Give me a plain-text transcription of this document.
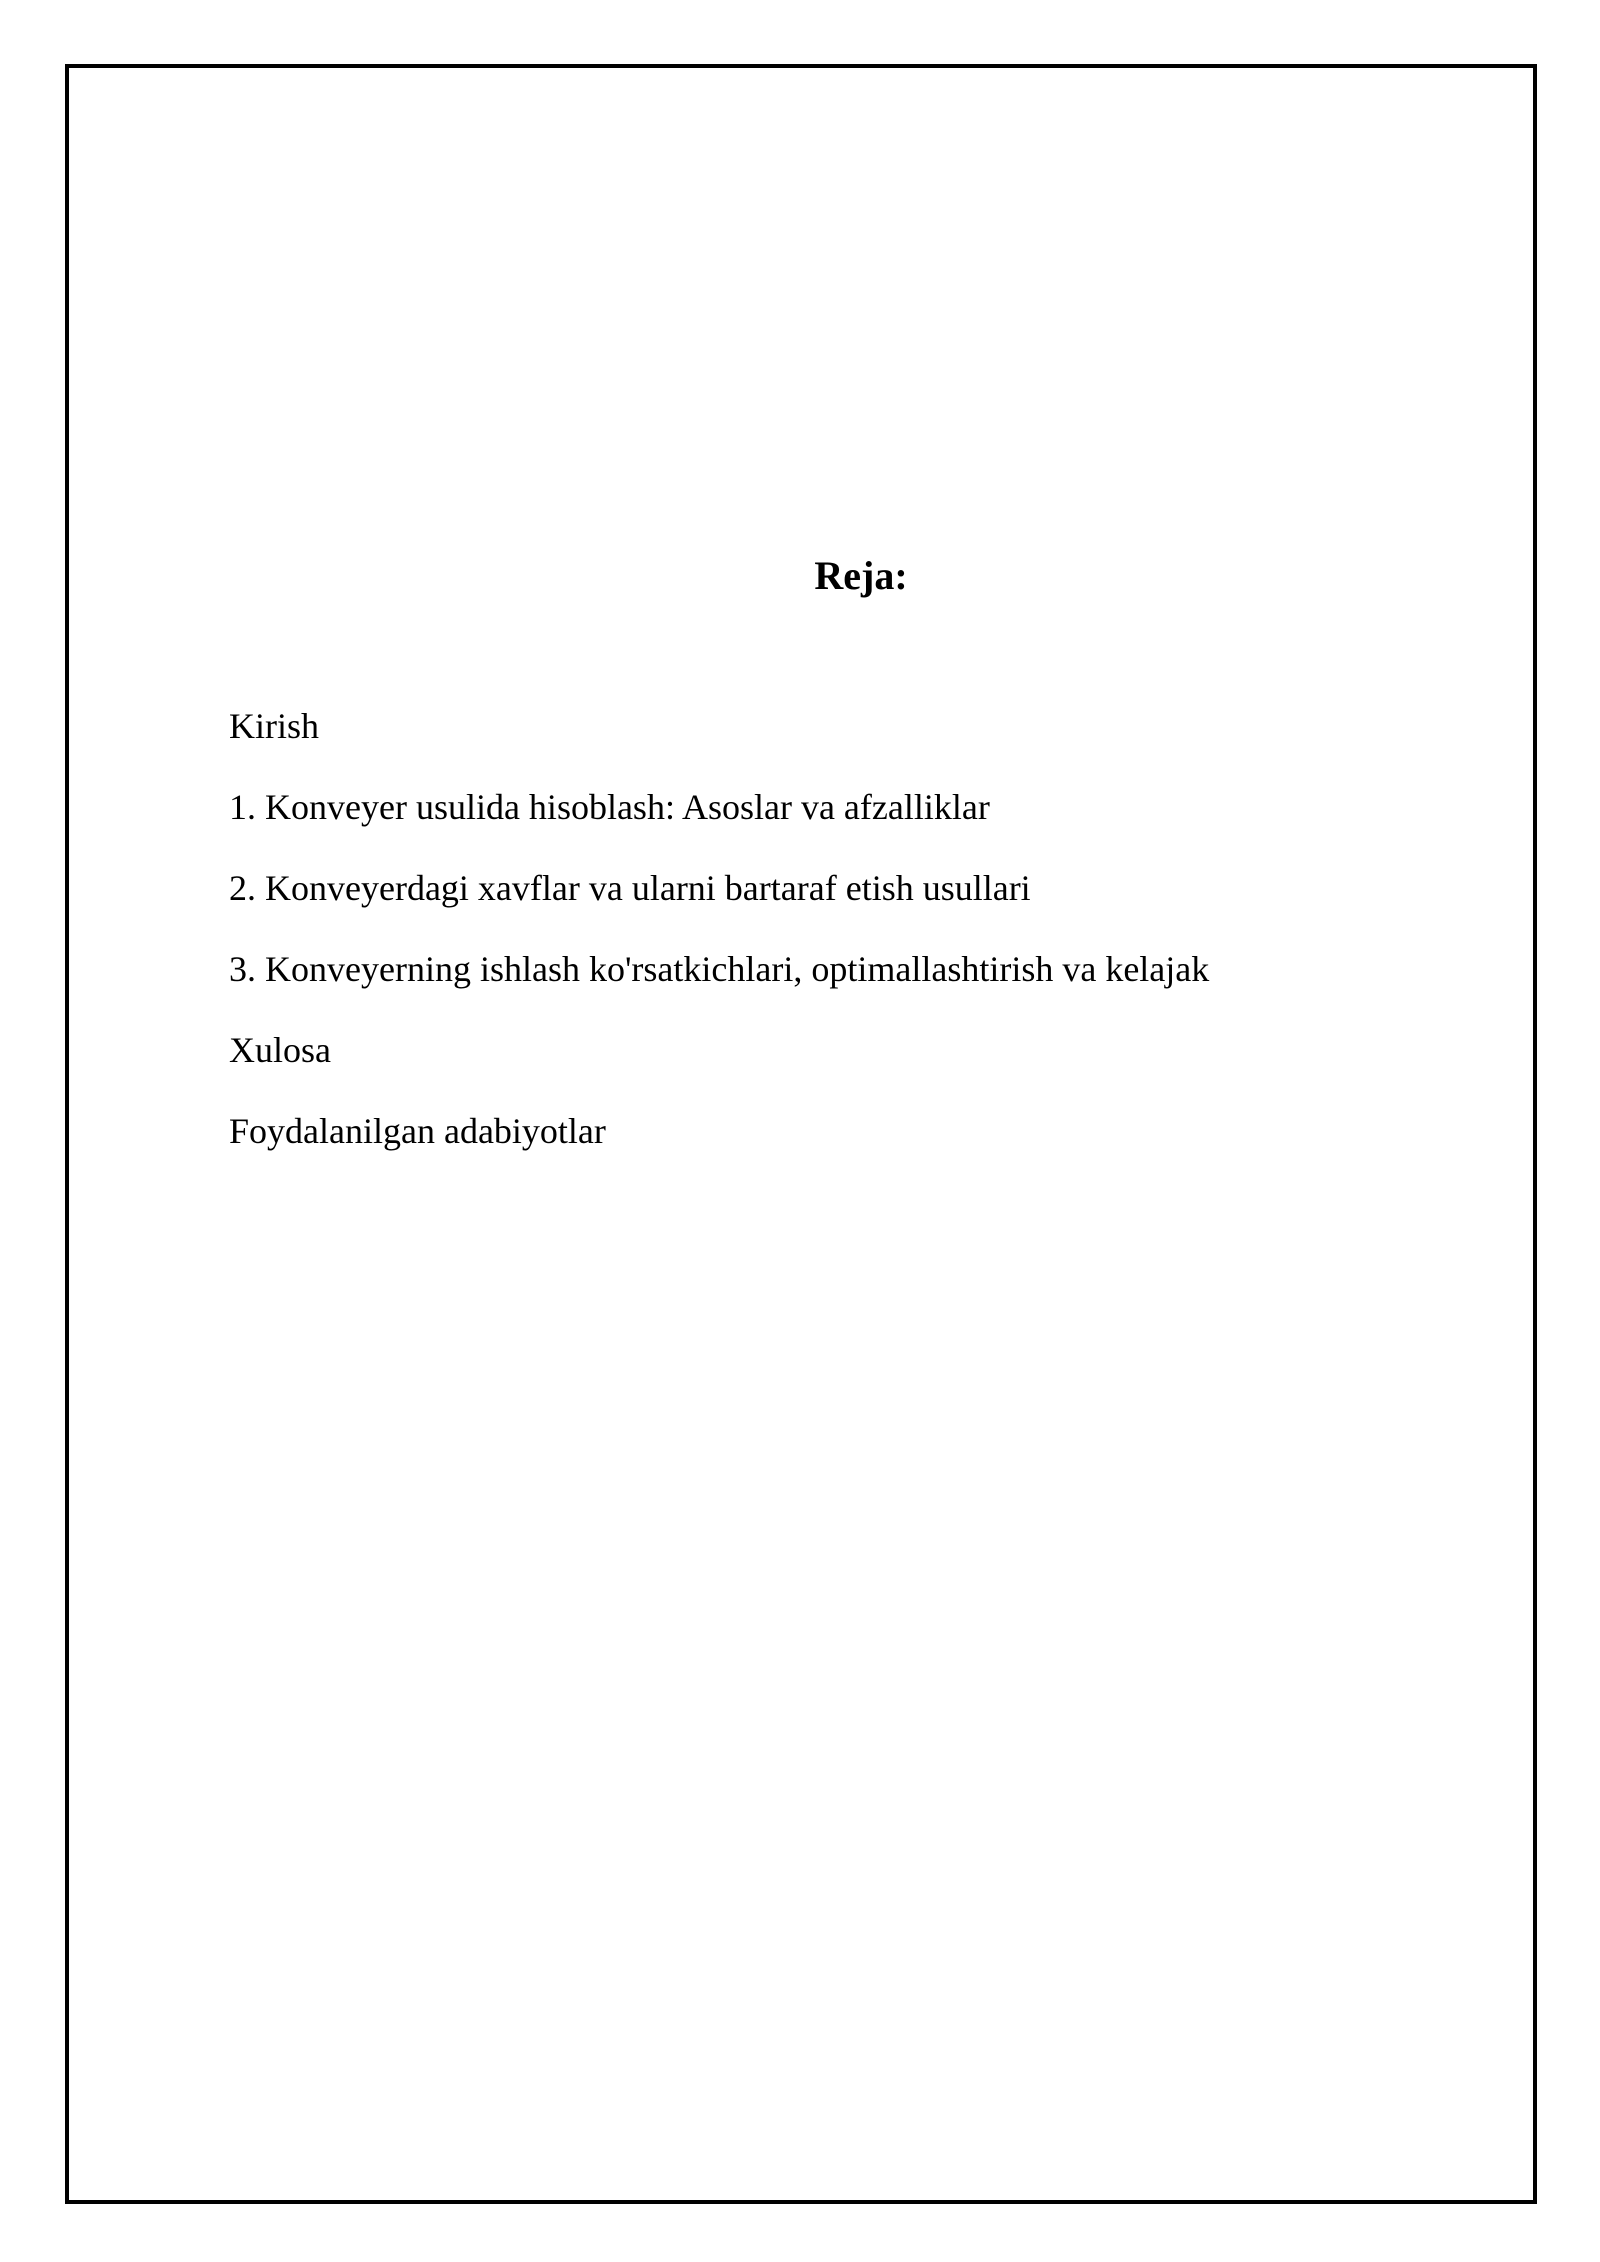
Reja:
Kirish
1. Konveyer usulida hisoblash: Asoslar va afzalliklar
2. Konveyerdagi xavflar va ularni bartaraf etish usullari
3. Konveyerning ishlash ko'rsatkichlari, optimallashtirish va kelajak
Xulosa
Foydalanilgan adabiyotlar
